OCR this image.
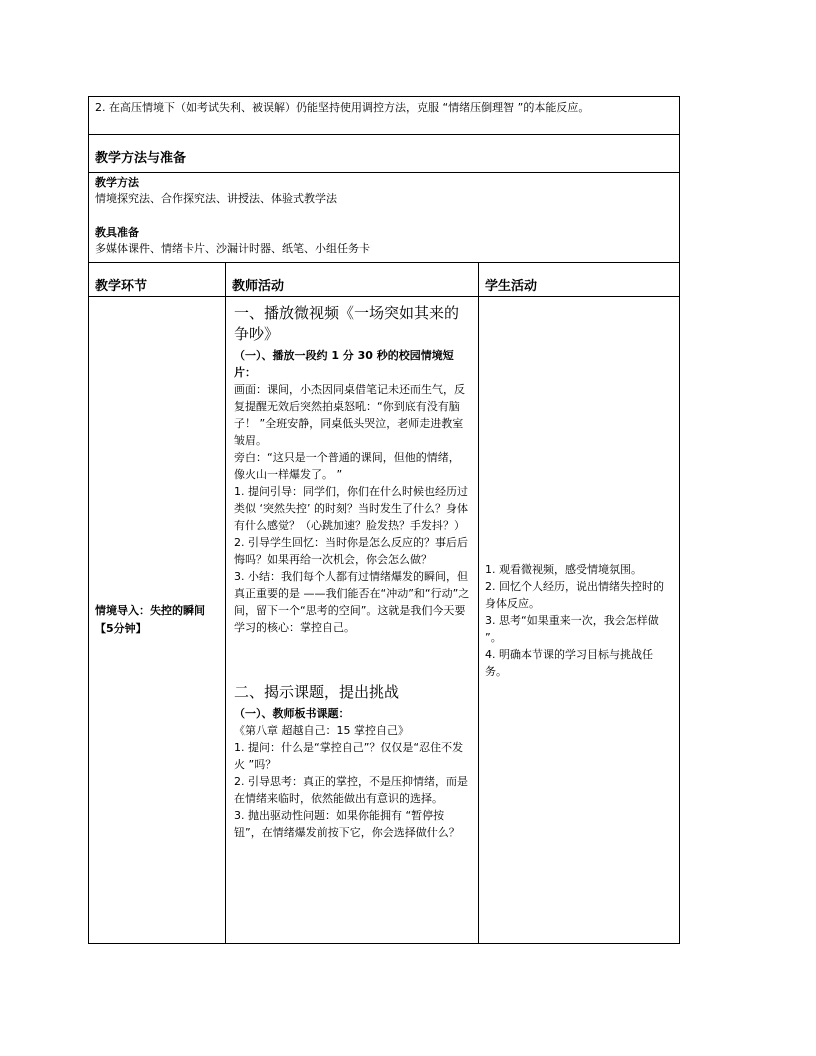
2. 在高压情境下（如考试失利、被误解）仍能坚持使用调控方法，克服 “情绪压倒理智 ”的本能反应。
教学方法与准备

教学方法

情境探究法、合作探究法、讲授法、体验式教学法

教具准备

多媒体课件、情绪卡片、沙漏计时器、纸笔、小组任务卡

教学环节	教师活动	学生活动
情境导入：失控的瞬间【5分钟】

一、播放微视频《一场突如其来的争吵》

（一）、播放一段约 1 分 30 秒的校园情境短片：

画面：课间，小杰因同桌借笔记未还而生气，反复提醒无效后突然拍桌怒吼：“你到底有没有脑子！ ”全班安静，同桌低头哭泣，老师走进教室皱眉。

旁白：“这只是一个普通的课间，但他的情绪，像火山一样爆发了。 ”

1. 提问引导：同学们，你们在什么时候也经历过类似 ‘突然失控’ 的时刻？当时发生了什么？身体有什么感觉？（心跳加速？脸发热？手发抖？）

2. 引导学生回忆：当时你是怎么反应的？事后后悔吗？如果再给一次机会，你会怎么做？

3. 小结：我们每个人都有过情绪爆发的瞬间，但真正重要的是 ——我们能否在“冲动”和“行动”之间，留下一个“思考的空间”。这就是我们今天要学习的核心：掌控自己。

二、揭示课题，提出挑战

（一）、教师板书课题：

《第八章 超越自己：15 掌控自己》

1. 提问：什么是“掌控自己”？仅仅是“忍住不发火 ”吗？

2. 引导思考：真正的掌控，不是压抑情绪，而是在情绪来临时，依然能做出有意识的选择。

3. 抛出驱动性问题：如果你能拥有 “暂停按钮”，在情绪爆发前按下它，你会选择做什么？

1. 观看微视频，感受情境氛围。

2. 回忆个人经历，说出情绪失控时的身体反应。

3. 思考“如果重来一次，我会怎样做 ”。

4. 明确本节课的学习目标与挑战任务。
